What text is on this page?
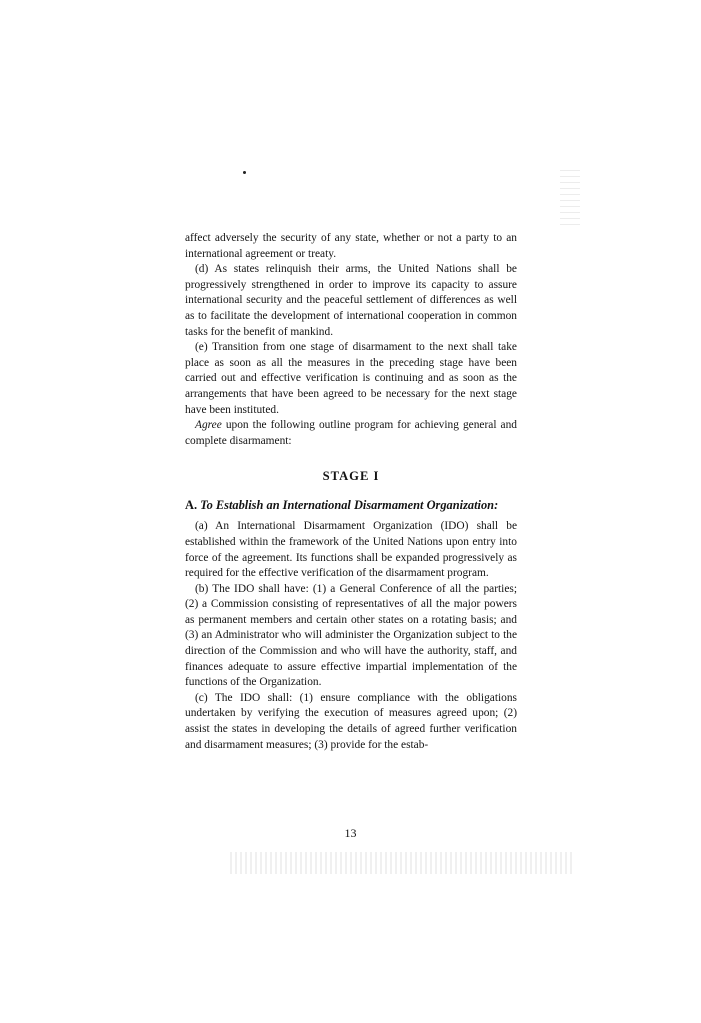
affect adversely the security of any state, whether or not a party to an international agreement or treaty.

(d) As states relinquish their arms, the United Nations shall be progressively strengthened in order to improve its capacity to assure international security and the peaceful settlement of differences as well as to facilitate the development of international cooperation in common tasks for the benefit of mankind.

(e) Transition from one stage of disarmament to the next shall take place as soon as all the measures in the preceding stage have been carried out and effective verification is continuing and as soon as the arrangements that have been agreed to be necessary for the next stage have been instituted.

Agree upon the following outline program for achieving general and complete disarmament:

STAGE I
A. To Establish an International Disarmament Organization:

(a) An International Disarmament Organization (IDO) shall be established within the framework of the United Nations upon entry into force of the agreement. Its functions shall be expanded progressively as required for the effective verification of the disarmament program.

(b) The IDO shall have: (1) a General Conference of all the parties; (2) a Commission consisting of representatives of all the major powers as permanent members and certain other states on a rotating basis; and (3) an Administrator who will administer the Organization subject to the direction of the Commission and who will have the authority, staff, and finances adequate to assure effective impartial implementation of the functions of the Organization.

(c) The IDO shall: (1) ensure compliance with the obligations undertaken by verifying the execution of measures agreed upon; (2) assist the states in developing the details of agreed further verification and disarmament measures; (3) provide for the estab-

13
